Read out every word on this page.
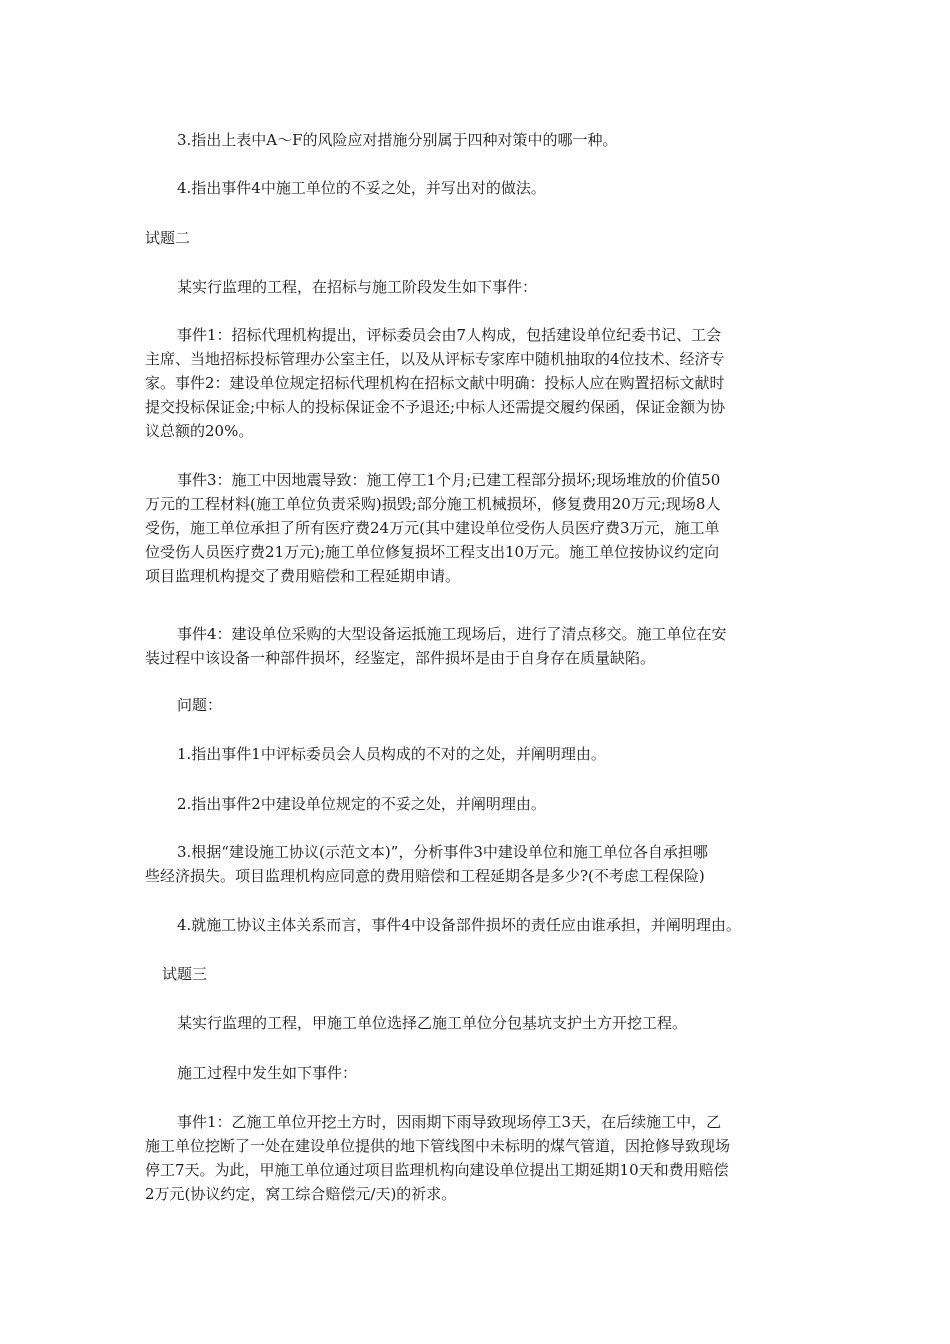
3.指出上表中A～F的风险应对措施分别属于四种对策中的哪一种。

4.指出事件4中施工单位的不妥之处，并写出对的做法。

试题二

某实行监理的工程，在招标与施工阶段发生如下事件：

事件1：招标代理机构提出，评标委员会由7人构成，包括建设单位纪委书记、工会

主席、当地招标投标管理办公室主任，以及从评标专家库中随机抽取的4位技术、经济专

家。事件2：建设单位规定招标代理机构在招标文献中明确：投标人应在购置招标文献时

提交投标保证金;中标人的投标保证金不予退还;中标人还需提交履约保函，保证金额为协

议总额的20%。

事件3：施工中因地震导致：施工停工1个月;已建工程部分损坏;现场堆放的价值50

万元的工程材料(施工单位负责采购)损毁;部分施工机械损坏，修复费用20万元;现场8人

受伤，施工单位承担了所有医疗费24万元(其中建设单位受伤人员医疗费3万元，施工单

位受伤人员医疗费21万元);施工单位修复损坏工程支出10万元。施工单位按协议约定向

项目监理机构提交了费用赔偿和工程延期申请。

事件4：建设单位采购的大型设备运抵施工现场后，进行了清点移交。施工单位在安

装过程中该设备一种部件损坏，经鉴定，部件损坏是由于自身存在质量缺陷。

问题：

1.指出事件1中评标委员会人员构成的不对的之处，并阐明理由。

2.指出事件2中建设单位规定的不妥之处，并阐明理由。

3.根据“建设施工协议(示范文本)”，分析事件3中建设单位和施工单位各自承担哪

些经济损失。项目监理机构应同意的费用赔偿和工程延期各是多少?(不考虑工程保险)

4.就施工协议主体关系而言，事件4中设备部件损坏的责任应由谁承担，并阐明理由。

试题三

某实行监理的工程，甲施工单位选择乙施工单位分包基坑支护土方开挖工程。

施工过程中发生如下事件：

事件1：乙施工单位开挖土方时，因雨期下雨导致现场停工3天，在后续施工中，乙

施工单位挖断了一处在建设单位提供的地下管线图中未标明的煤气管道，因抢修导致现场

停工7天。为此，甲施工单位通过项目监理机构向建设单位提出工期延期10天和费用赔偿

2万元(协议约定，窝工综合赔偿元/天)的祈求。
